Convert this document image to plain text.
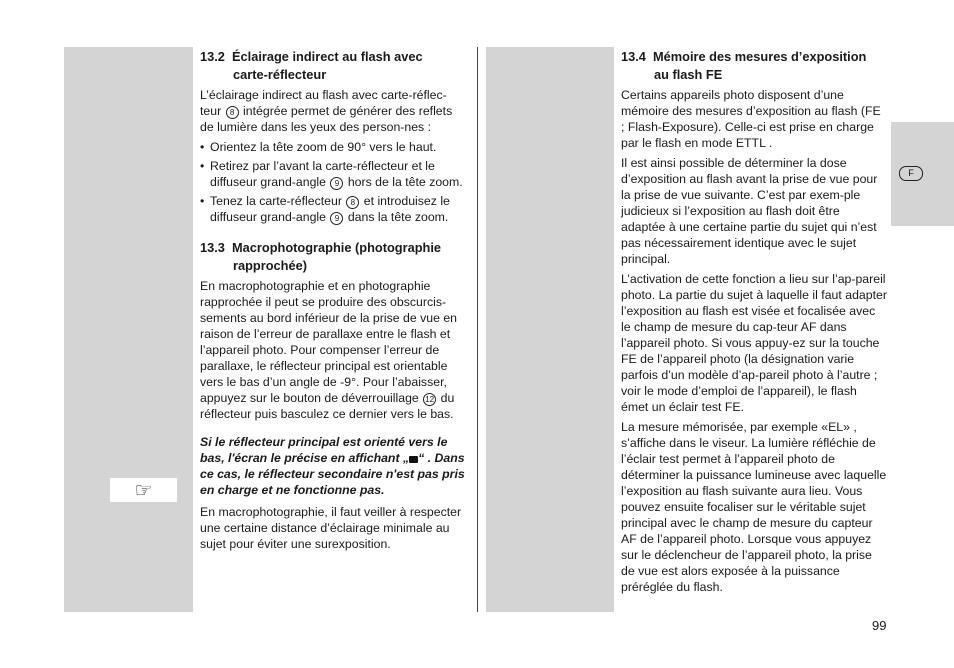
☞
F
13.2 Éclairage indirect au flash avec
carte-réflecteur

L’éclairage indirect au flash avec carte-réflec-teur 8 intégrée permet de générer des reflets de lumière dans les yeux des person-nes :

• Orientez la tête zoom de 90° vers le haut.
• Retirez par l’avant la carte-réflecteur et le diffuseur grand-angle 9 hors de la tête zoom.
• Tenez la carte-réflecteur 8 et introduisez le diffuseur grand-angle 9 dans la tête zoom.
13.3 Macrophotographie (photographie
rapprochée)

En macrophotographie et en photographie rapprochée il peut se produire des obscurcis-sements au bord inférieur de la prise de vue en raison de l’erreur de parallaxe entre le flash et l’appareil photo. Pour compenser l’erreur de parallaxe, le réflecteur principal est orientable vers le bas d’un angle de -9°. Pour l’abaisser, appuyez sur le bouton de déverrouillage 12 du réflecteur puis basculez ce dernier vers le bas.

Si le réflecteur principal est orienté vers le bas, l'écran le précise en affichant „ “ . Dans ce cas, le réflecteur secondaire n'est pas pris en charge et ne fonctionne pas.

En macrophotographie, il faut veiller à respecter une certaine distance d’éclairage minimale au sujet pour éviter une surexposition.

13.4 Mémoire des mesures d’exposition
au flash FE

Certains appareils photo disposent d’une mémoire des mesures d’exposition au flash (FE ; Flash-Exposure). Celle-ci est prise en charge par le flash en mode ETTL .

Il est ainsi possible de déterminer la dose d’exposition au flash avant la prise de vue pour la prise de vue suivante. C’est par exem-ple judicieux si l’exposition au flash doit être adaptée à une certaine partie du sujet qui n’est pas nécessairement identique avec le sujet principal.

L’activation de cette fonction a lieu sur l’ap-pareil photo. La partie du sujet à laquelle il faut adapter l’exposition au flash est visée et focalisée avec le champ de mesure du cap-teur AF dans l’appareil photo. Si vous appuy-ez sur la touche FE de l’appareil photo (la désignation varie parfois d’un modèle d’ap-pareil photo à l’autre ; voir le mode d’emploi de l’appareil), le flash émet un éclair test FE.

La mesure mémorisée, par exemple «EL» , s’affiche dans le viseur. La lumière réfléchie de l’éclair test permet à l’appareil photo de déterminer la puissance lumineuse avec laquelle l’exposition au flash suivante aura lieu. Vous pouvez ensuite focaliser sur le véritable sujet principal avec le champ de mesure du capteur AF de l’appareil photo. Lorsque vous appuyez sur le déclencheur de l’appareil photo, la prise de vue est alors exposée à la puissance préréglée du flash.

99
